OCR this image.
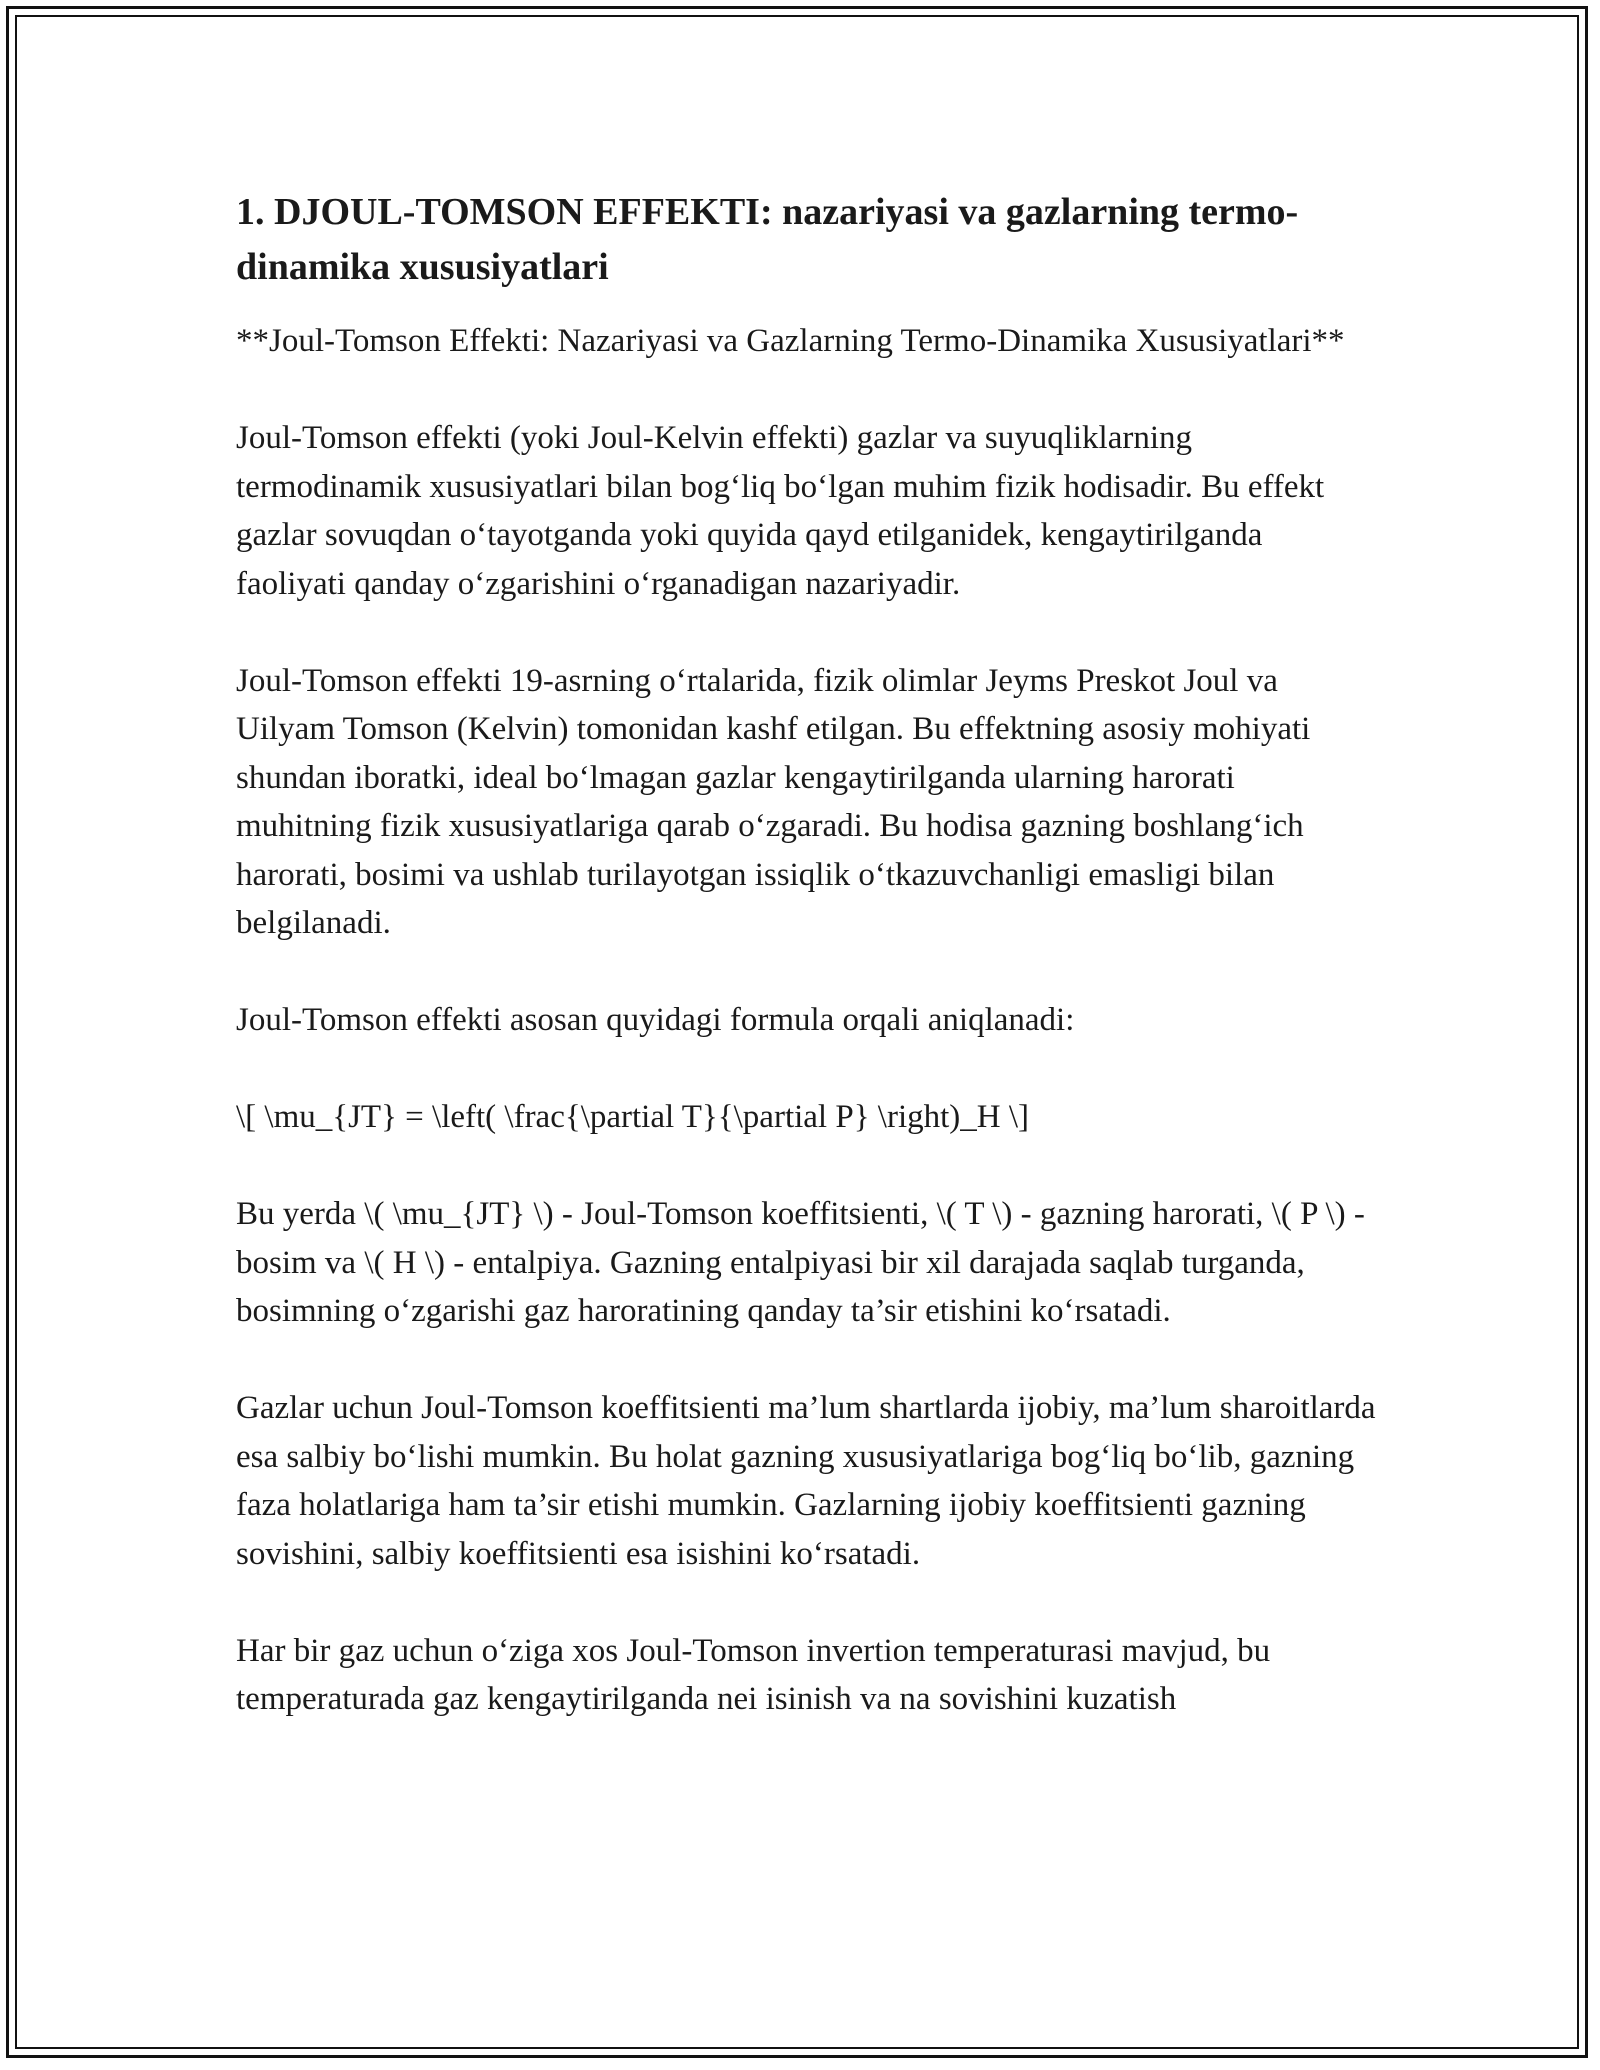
1. DJOUL-TOMSON EFFEKTI: nazariyasi va gazlarning termo-dinamika xususiyatlari
**Joul-Tomson Effekti: Nazariyasi va Gazlarning Termo-Dinamika Xususiyatlari**
Joul-Tomson effekti (yoki Joul-Kelvin effekti) gazlar va suyuqliklarning termodinamik xususiyatlari bilan bog‘liq bo‘lgan muhim fizik hodisadir. Bu effekt gazlar sovuqdan o‘tayotganda yoki quyida qayd etilganidek, kengaytirilganda faoliyati qanday o‘zgarishini o‘rganadigan nazariyadir.
Joul-Tomson effekti 19-asrning o‘rtalarida, fizik olimlar Jeyms Preskot Joul va Uilyam Tomson (Kelvin) tomonidan kashf etilgan. Bu effektning asosiy mohiyati shundan iboratki, ideal bo‘lmagan gazlar kengaytirilganda ularning harorati muhitning fizik xususiyatlariga qarab o‘zgaradi. Bu hodisa gazning boshlang‘ich harorati, bosimi va ushlab turilayotgan issiqlik o‘tkazuvchanligi emasligi bilan belgilanadi.
Joul-Tomson effekti asosan quyidagi formula orqali aniqlanadi:
\[ \mu_{JT} = \left( \frac{\partial T}{\partial P} \right)_H \]
Bu yerda \( \mu_{JT} \) - Joul-Tomson koeffitsienti, \( T \) - gazning harorati, \( P \) - bosim va \( H \) - entalpiya. Gazning entalpiyasi bir xil darajada saqlab turganda, bosimning o‘zgarishi gaz haroratining qanday ta’sir etishini ko‘rsatadi.
Gazlar uchun Joul-Tomson koeffitsienti ma’lum shartlarda ijobiy, ma’lum sharoitlarda esa salbiy bo‘lishi mumkin. Bu holat gazning xususiyatlariga bog‘liq bo‘lib, gazning faza holatlariga ham ta’sir etishi mumkin. Gazlarning ijobiy koeffitsienti gazning sovishini, salbiy koeffitsienti esa isishini ko‘rsatadi.
Har bir gaz uchun o‘ziga xos Joul-Tomson invertion temperaturasi mavjud, bu temperaturada gaz kengaytirilganda nei isinish va na sovishini kuzatish
